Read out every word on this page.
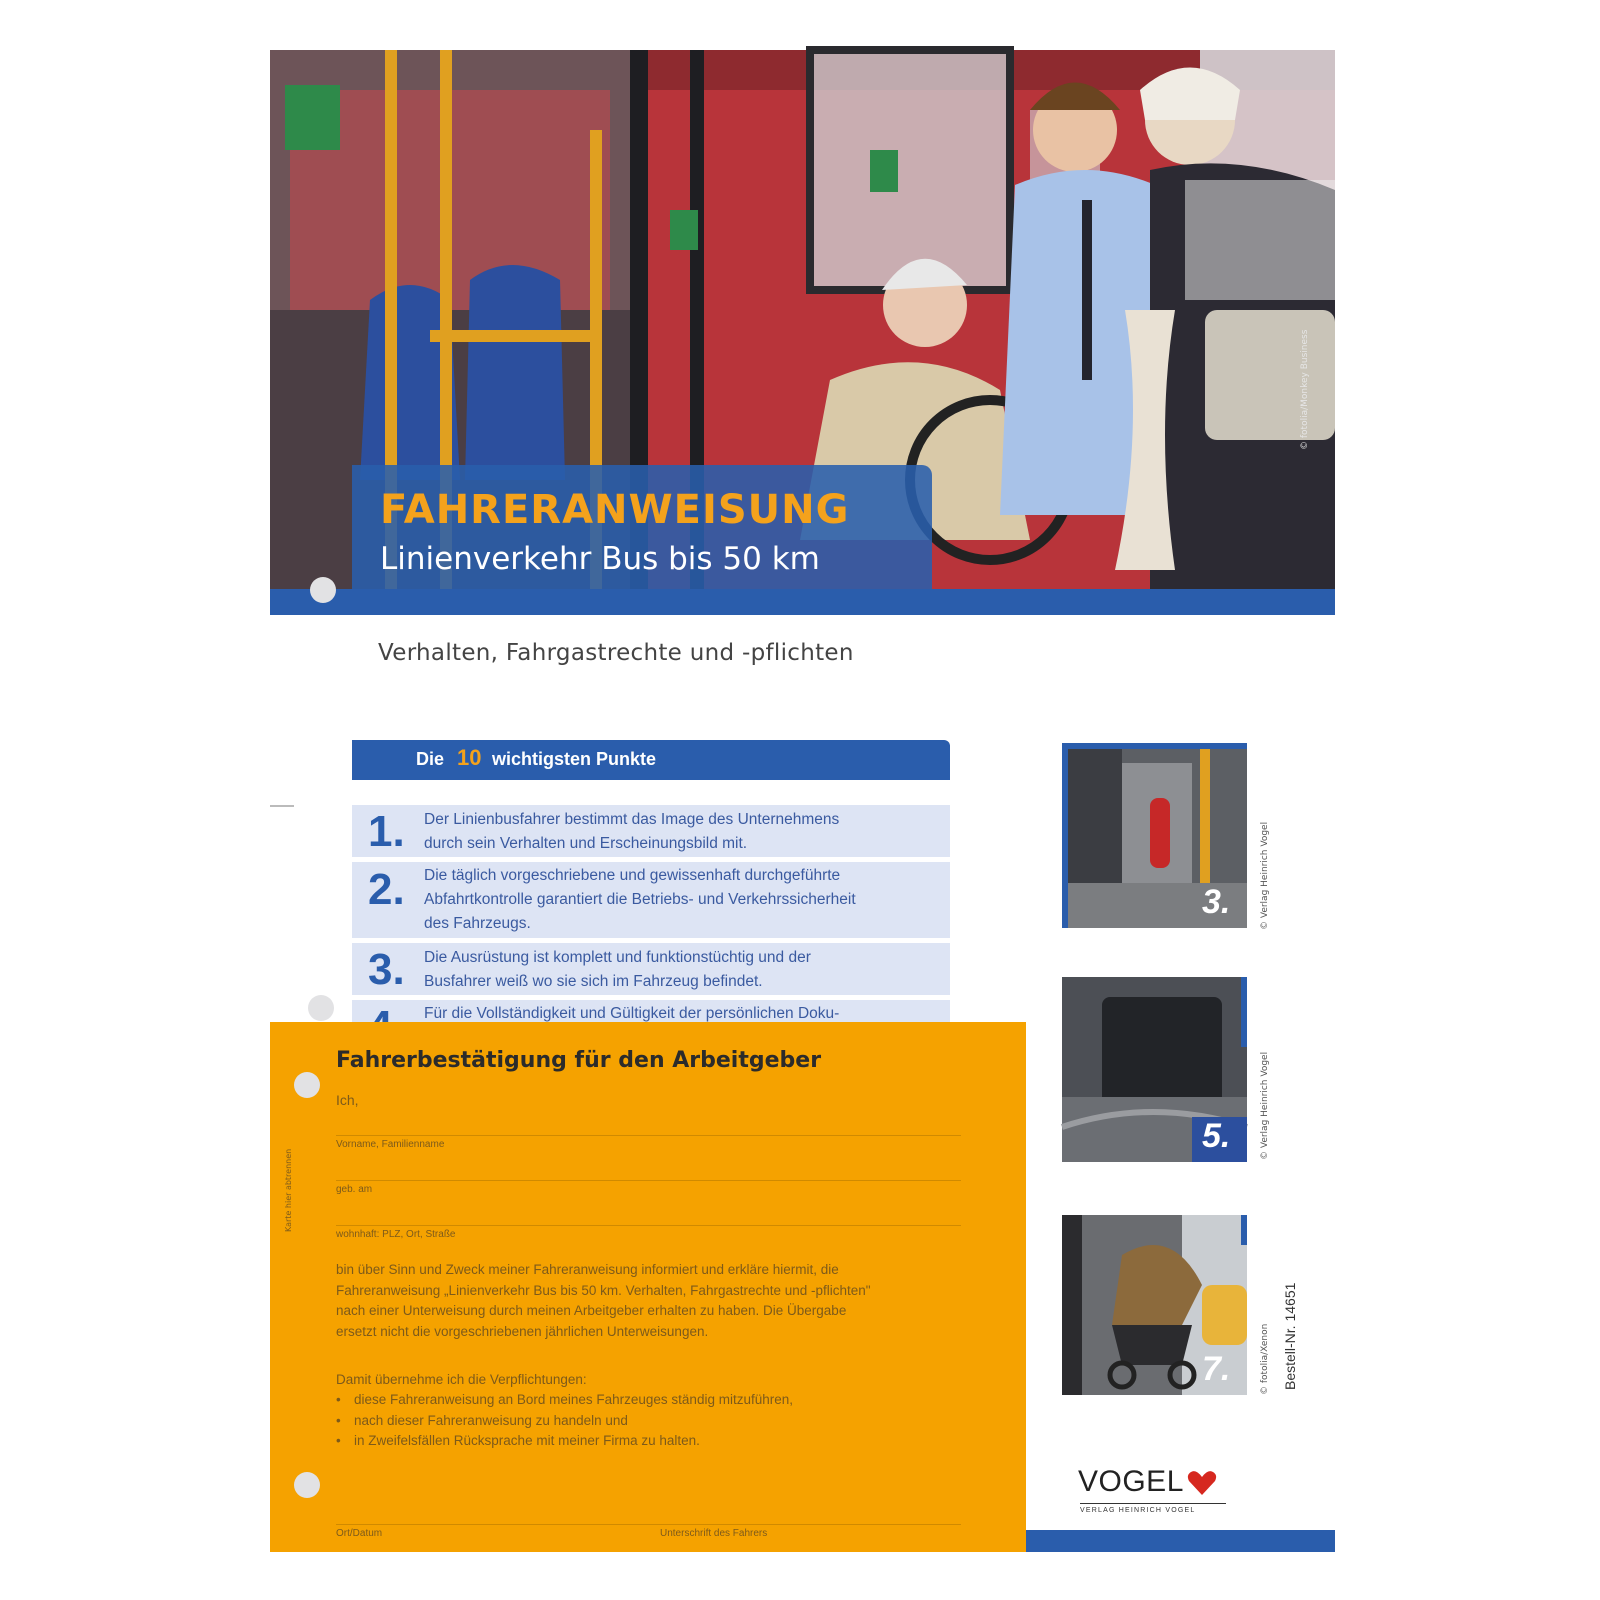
FAHRERANWEISUNG
Linienverkehr Bus bis 50 km
© fotolia/Monkey Business
Verhalten, Fahrgastrechte und -pflichten
Die 10 wichtigsten Punkte
1. Der Linienbusfahrer bestimmt das Image des Unternehmens
durch sein Verhalten und Erscheinungsbild mit.
2. Die täglich vorgeschriebene und gewissenhaft durchgeführte
Abfahrtkontrolle garantiert die Betriebs- und Verkehrssicherheit
des Fahrzeugs.
3. Die Ausrüstung ist komplett und funktionstüchtig und der
Busfahrer weiß wo sie sich im Fahrzeug befindet.
Für die Vollständigkeit und Gültigkeit der persönlichen Doku-
Karte hier abtrennen
Fahrerbestätigung für den Arbeitgeber
Ich,
Vorname, Familienname
geb. am
wohnhaft: PLZ, Ort, Straße
bin über Sinn und Zweck meiner Fahreranweisung informiert und erkläre hiermit, die
Fahreranweisung „Linienverkehr Bus bis 50 km. Verhalten, Fahrgastrechte und -pflichten"
nach einer Unterweisung durch meinen Arbeitgeber erhalten zu haben. Die Übergabe
ersetzt nicht die vorgeschriebenen jährlichen Unterweisungen.
Damit übernehme ich die Verpflichtungen:
• diese Fahreranweisung an Bord meines Fahrzeuges ständig mitzuführen,
• nach dieser Fahreranweisung zu handeln und
• in Zweifelsfällen Rücksprache mit meiner Firma zu halten.
Ort/Datum	Unterschrift des Fahrers
3.	© Verlag Heinrich Vogel
5.	© Verlag Heinrich Vogel
7.	© fotolia/Xenon Bestell-Nr. 14651
VOGEL
VERLAG HEINRICH VOGEL
